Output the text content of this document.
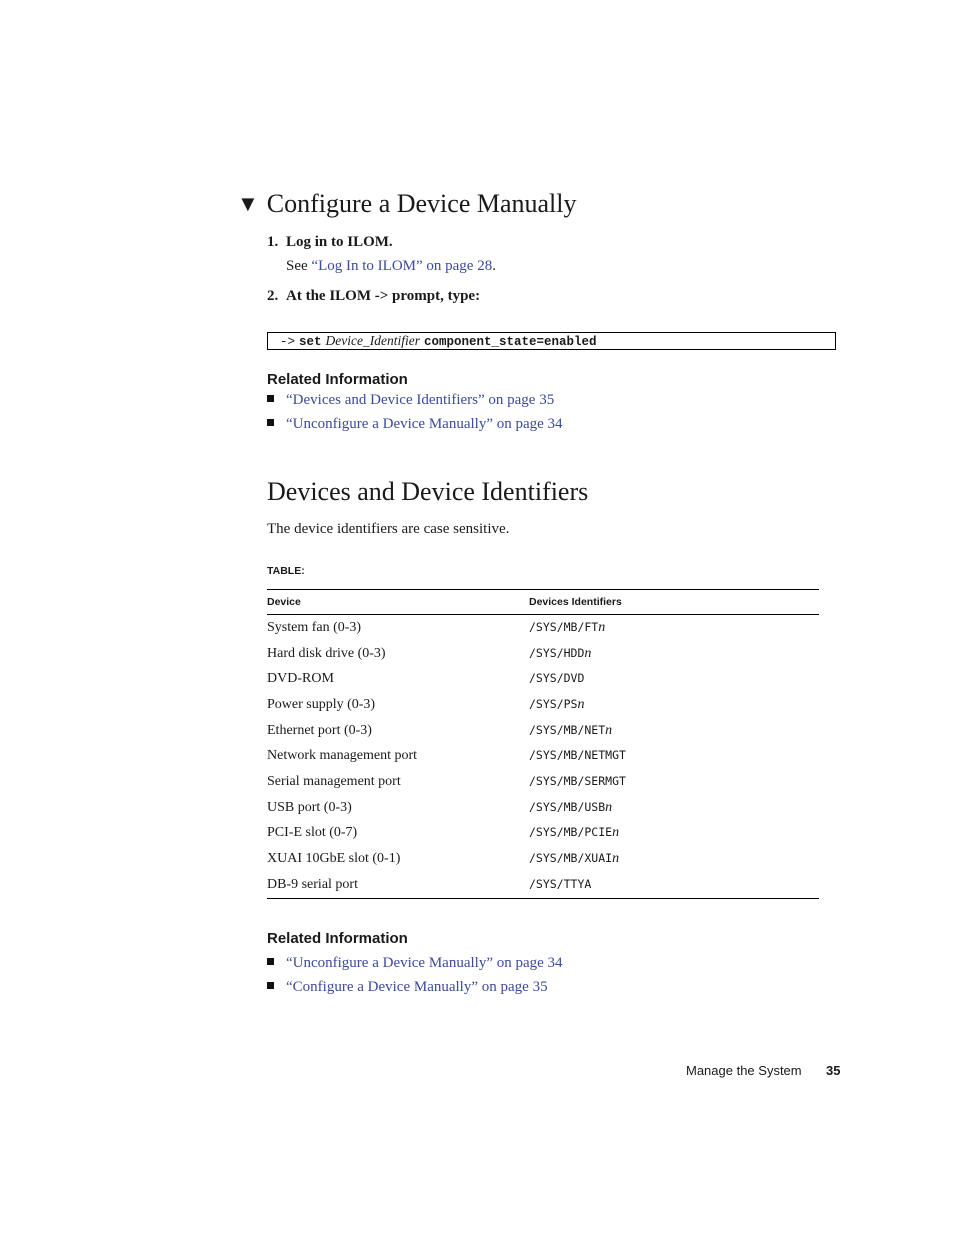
▼ Configure a Device Manually
1. Log in to ILOM.
See “Log In to ILOM” on page 28.
2. At the ILOM -> prompt, type:
-> set Device_Identifier component_state=enabled
Related Information
“Devices and Device Identifiers” on page 35
“Unconfigure a Device Manually” on page 34
Devices and Device Identifiers
The device identifiers are case sensitive.
TABLE:
Device	Devices Identifiers
System fan (0-3)	/SYS/MB/FTn
Hard disk drive (0-3)	/SYS/HDDn
DVD-ROM	/SYS/DVD
Power supply (0-3)	/SYS/PSn
Ethernet port (0-3)	/SYS/MB/NETn
Network management port	/SYS/MB/NETMGT
Serial management port	/SYS/MB/SERMGT
USB port (0-3)	/SYS/MB/USBn
PCI-E slot (0-7)	/SYS/MB/PCIEn
XUAI 10GbE slot (0-1)	/SYS/MB/XUAIn
DB-9 serial port	/SYS/TTYA
Related Information
“Unconfigure a Device Manually” on page 34
“Configure a Device Manually” on page 35
Manage the System 35
